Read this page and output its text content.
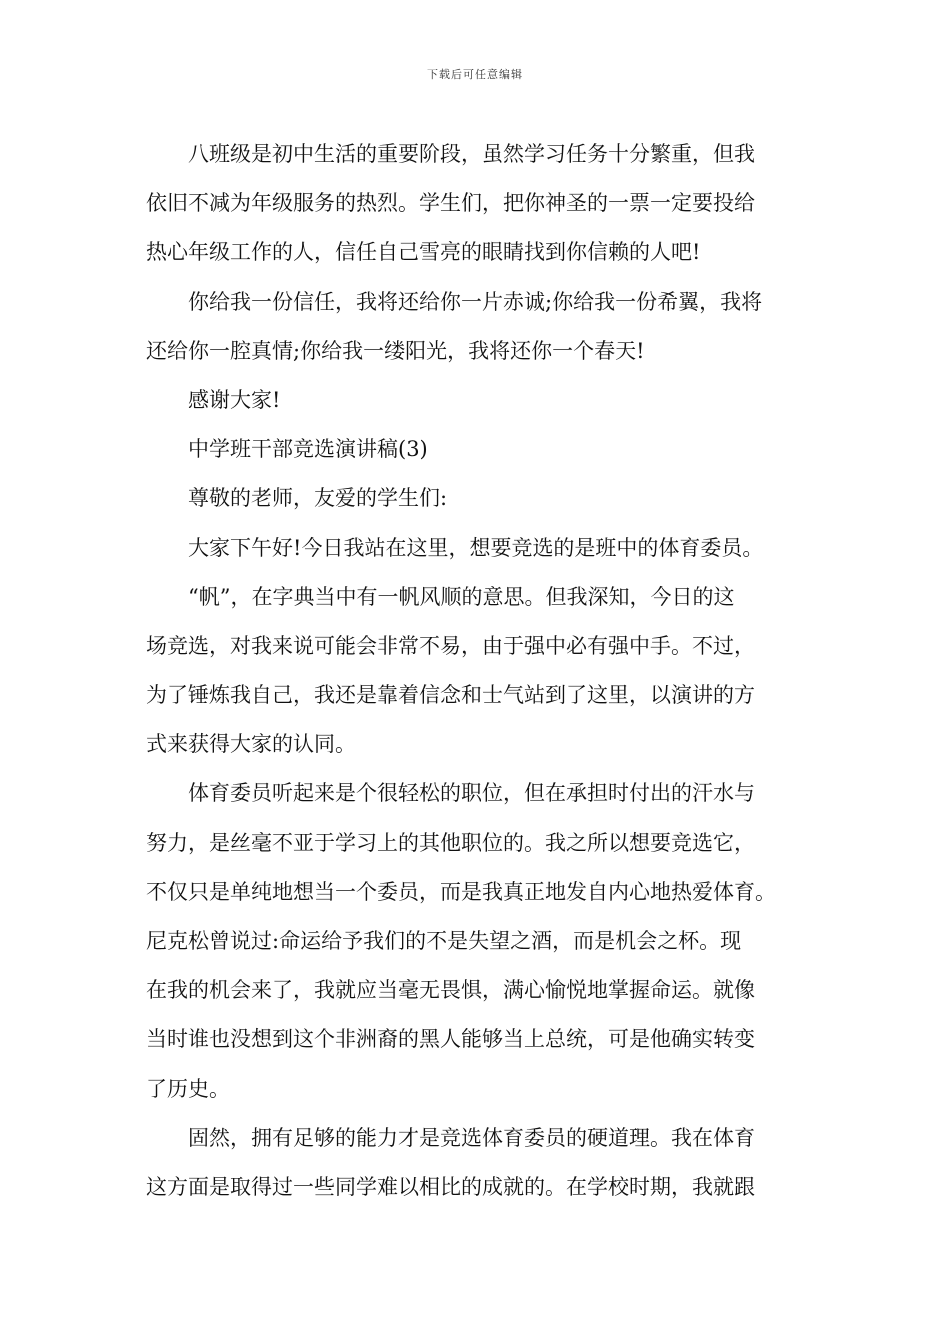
下载后可任意编辑
八班级是初中生活的重要阶段，虽然学习任务十分繁重，但我
依旧不减为年级服务的热烈。学生们，把你神圣的一票一定要投给
热心年级工作的人，信任自己雪亮的眼睛找到你信赖的人吧!
你给我一份信任，我将还给你一片赤诚;你给我一份希翼，我将
还给你一腔真情;你给我一缕阳光，我将还你一个春天!
感谢大家!
中学班干部竞选演讲稿(3)
尊敬的老师，友爱的学生们:
大家下午好!今日我站在这里，想要竞选的是班中的体育委员。
“帆”，在字典当中有一帆风顺的意思。但我深知，今日的这
场竞选，对我来说可能会非常不易，由于强中必有强中手。不过，
为了锤炼我自己，我还是靠着信念和士气站到了这里，以演讲的方
式来获得大家的认同。
体育委员听起来是个很轻松的职位，但在承担时付出的汗水与
努力，是丝毫不亚于学习上的其他职位的。我之所以想要竞选它，
不仅只是单纯地想当一个委员，而是我真正地发自内心地热爱体育。
尼克松曾说过:命运给予我们的不是失望之酒，而是机会之杯。现
在我的机会来了，我就应当毫无畏惧，满心愉悦地掌握命运。就像
当时谁也没想到这个非洲裔的黑人能够当上总统，可是他确实转变
了历史。
固然，拥有足够的能力才是竞选体育委员的硬道理。我在体育
这方面是取得过一些同学难以相比的成就的。在学校时期，我就跟
